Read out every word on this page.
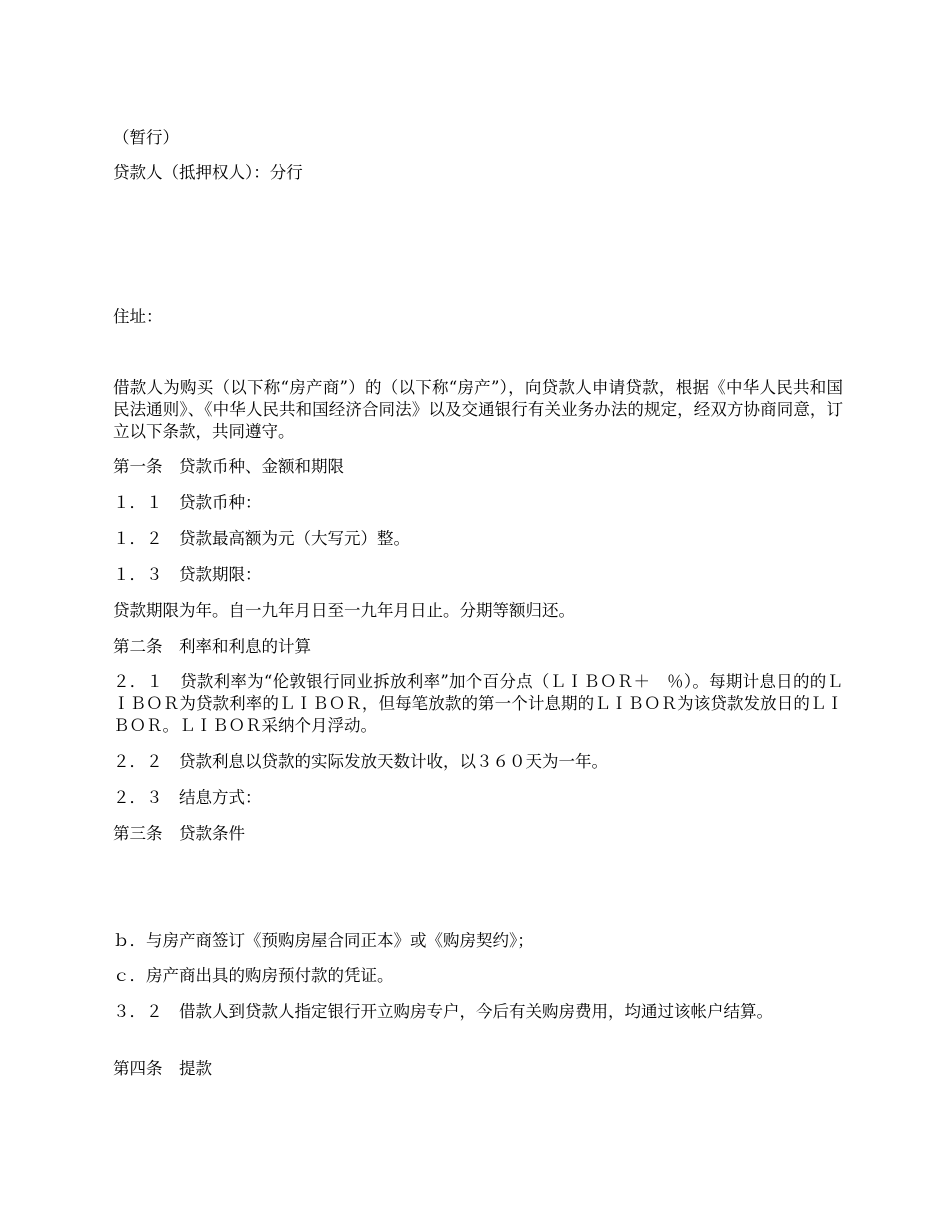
（暂行）

贷款人（抵押权人）：分行

住址：

借款人为购买（以下称“房产商”）的（以下称“房产”），向贷款人申请贷款，根据《中华人民共和国民法通则》、《中华人民共和国经济合同法》以及交通银行有关业务办法的规定，经双方协商同意，订立以下条款，共同遵守。

第一条　贷款币种、金额和期限

１．１　贷款币种：

１．２　贷款最高额为元（大写元）整。

１．３　贷款期限：

贷款期限为年。自一九年月日至一九年月日止。分期等额归还。

第二条　利率和利息的计算

２．１　贷款利率为“伦敦银行同业拆放利率”加个百分点（ＬＩＢＯＲ＋　％）。每期计息日的的ＬＩＢＯＲ为贷款利率的ＬＩＢＯＲ，但每笔放款的第一个计息期的ＬＩＢＯＲ为该贷款发放日的ＬＩＢＯＲ。ＬＩＢＯＲ采纳个月浮动。

２．２　贷款利息以贷款的实际发放天数计收，以３６０天为一年。

２．３　结息方式：

第三条　贷款条件

ｂ．与房产商签订《预购房屋合同正本》或《购房契约》；

ｃ．房产商出具的购房预付款的凭证。

３．２　借款人到贷款人指定银行开立购房专户，今后有关购房费用，均通过该帐户结算。

第四条　提款
